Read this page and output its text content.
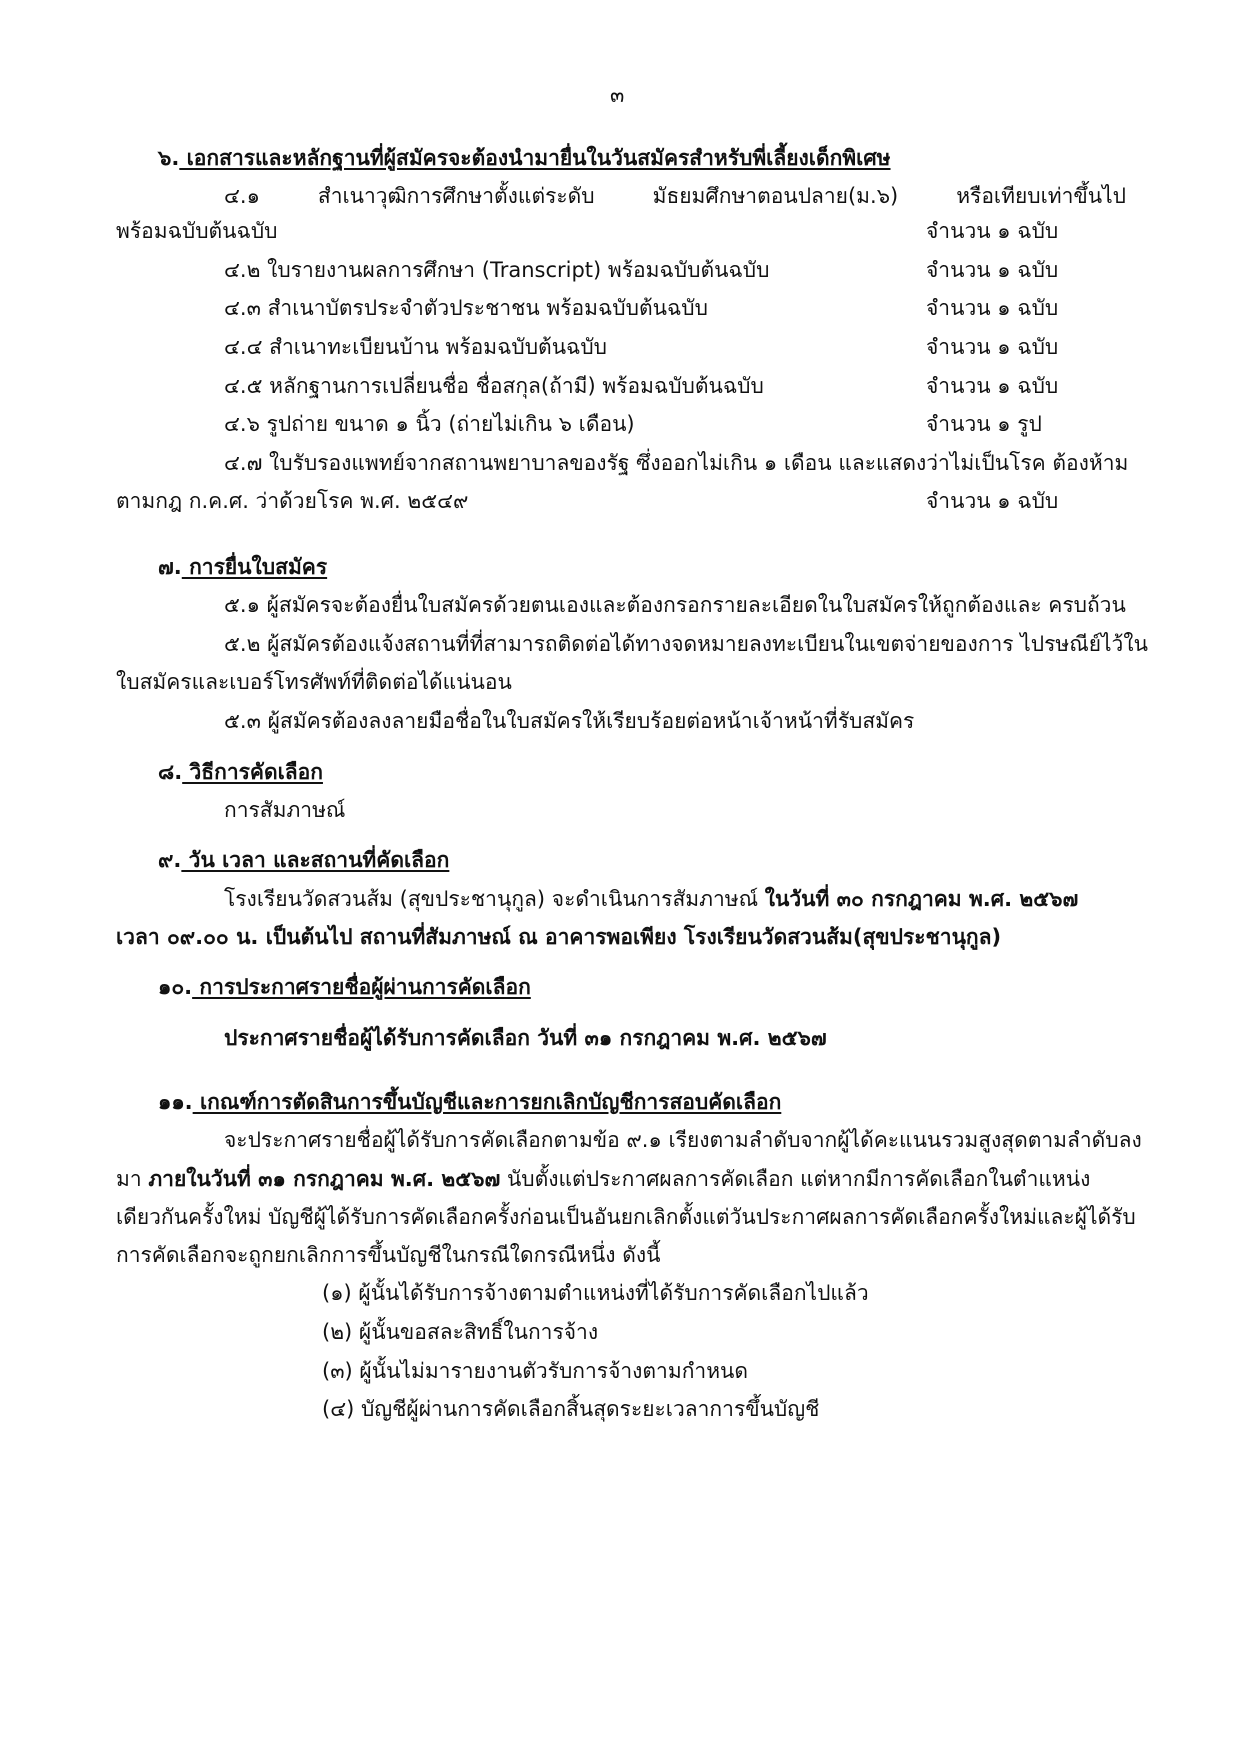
๓
๖. เอกสารและหลักฐานที่ผู้สมัครจะต้องนำมายื่นในวันสมัครสำหรับพี่เลี้ยงเด็กพิเศษ
๔.๑ สำเนาวุฒิการศึกษาตั้งแต่ระดับ มัธยมศึกษาตอนปลาย(ม.๖) หรือเทียบเท่าขึ้นไป
พร้อมฉบับต้นฉบับ	จำนวน ๑ ฉบับ
๔.๒ ใบรายงานผลการศึกษา (Transcript) พร้อมฉบับต้นฉบับ	จำนวน ๑ ฉบับ
๔.๓ สำเนาบัตรประจำตัวประชาชน พร้อมฉบับต้นฉบับ	จำนวน ๑ ฉบับ
๔.๔ สำเนาทะเบียนบ้าน พร้อมฉบับต้นฉบับ	จำนวน ๑ ฉบับ
๔.๕ หลักฐานการเปลี่ยนชื่อ ชื่อสกุล(ถ้ามี) พร้อมฉบับต้นฉบับ	จำนวน ๑ ฉบับ
๔.๖ รูปถ่าย ขนาด ๑ นิ้ว (ถ่ายไม่เกิน ๖ เดือน)	จำนวน ๑ รูป
๔.๗ ใบรับรองแพทย์จากสถานพยาบาลของรัฐ ซึ่งออกไม่เกิน ๑ เดือน และแสดงว่าไม่เป็นโรค ต้องห้าม
ตามกฎ ก.ค.ศ. ว่าด้วยโรค พ.ศ. ๒๕๔๙	จำนวน ๑ ฉบับ
๗. การยื่นใบสมัคร
๕.๑ ผู้สมัครจะต้องยื่นใบสมัครด้วยตนเองและต้องกรอกรายละเอียดในใบสมัครให้ถูกต้องและ ครบถ้วน
๕.๒ ผู้สมัครต้องแจ้งสถานที่ที่สามารถติดต่อได้ทางจดหมายลงทะเบียนในเขตจ่ายของการ ไปรษณีย์ไว้ใน
ใบสมัครและเบอร์โทรศัพท์ที่ติดต่อได้แน่นอน
๕.๓ ผู้สมัครต้องลงลายมือชื่อในใบสมัครให้เรียบร้อยต่อหน้าเจ้าหน้าที่รับสมัคร
๘. วิธีการคัดเลือก
การสัมภาษณ์
๙. วัน เวลา และสถานที่คัดเลือก
โรงเรียนวัดสวนส้ม (สุขประชานุกูล) จะดำเนินการสัมภาษณ์ ในวันที่ ๓๐ กรกฎาคม พ.ศ. ๒๕๖๗
เวลา ๐๙.๐๐ น. เป็นต้นไป สถานที่สัมภาษณ์ ณ อาคารพอเพียง โรงเรียนวัดสวนส้ม(สุขประชานุกูล)
๑๐. การประกาศรายชื่อผู้ผ่านการคัดเลือก
ประกาศรายชื่อผู้ได้รับการคัดเลือก วันที่ ๓๑ กรกฎาคม พ.ศ. ๒๕๖๗
๑๑. เกณฑ์การตัดสินการขึ้นบัญชีและการยกเลิกบัญชีการสอบคัดเลือก
จะประกาศรายชื่อผู้ได้รับการคัดเลือกตามข้อ ๙.๑ เรียงตามลำดับจากผู้ได้คะแนนรวมสูงสุดตามลำดับลง
มา ภายในวันที่ ๓๑ กรกฎาคม พ.ศ. ๒๕๖๗ นับตั้งแต่ประกาศผลการคัดเลือก แต่หากมีการคัดเลือกในตำแหน่ง
เดียวกันครั้งใหม่ บัญชีผู้ได้รับการคัดเลือกครั้งก่อนเป็นอันยกเลิกตั้งแต่วันประกาศผลการคัดเลือกครั้งใหม่และผู้ได้รับ
การคัดเลือกจะถูกยกเลิกการขึ้นบัญชีในกรณีใดกรณีหนึ่ง ดังนี้
(๑) ผู้นั้นได้รับการจ้างตามตำแหน่งที่ได้รับการคัดเลือกไปแล้ว
(๒) ผู้นั้นขอสละสิทธิ์ในการจ้าง
(๓) ผู้นั้นไม่มารายงานตัวรับการจ้างตามกำหนด
(๔) บัญชีผู้ผ่านการคัดเลือกสิ้นสุดระยะเวลาการขึ้นบัญชี
